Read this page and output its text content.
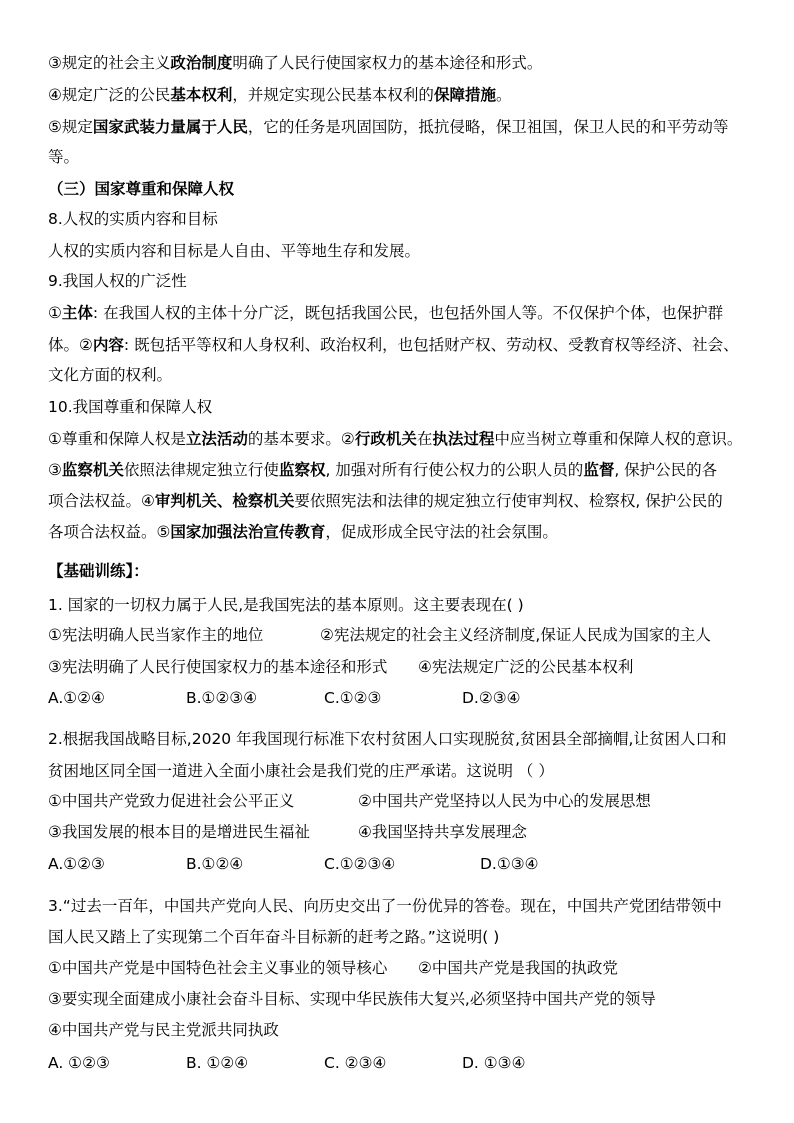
③规定的社会主义政治制度明确了人民行使国家权力的基本途径和形式。
④规定广泛的公民基本权利，并规定实现公民基本权利的保障措施。
⑤规定国家武装力量属于人民，它的任务是巩固国防，抵抗侵略，保卫祖国，保卫人民的和平劳动等
等。
（三）国家尊重和保障人权
8.人权的实质内容和目标
人权的实质内容和目标是人自由、平等地生存和发展。
9.我国人权的广泛性
①主体: 在我国人权的主体十分广泛，既包括我国公民，也包括外国人等。不仅保护个体，也保护群
体。②内容: 既包括平等权和人身权利、政治权利，也包括财产权、劳动权、受教育权等经济、社会、
文化方面的权利。
10.我国尊重和保障人权
①尊重和保障人权是立法活动的基本要求。②行政机关在执法过程中应当树立尊重和保障人权的意识。
③监察机关依照法律规定独立行使监察权, 加强对所有行使公权力的公职人员的监督, 保护公民的各
项合法权益。④审判机关、检察机关要依照宪法和法律的规定独立行使审判权、检察权, 保护公民的
各项合法权益。⑤国家加强法治宣传教育，促成形成全民守法的社会氛围。
【基础训练】：
1. 国家的一切权力属于人民,是我国宪法的基本原则。这主要表现在( )
①宪法明确人民当家作主的地位	②宪法规定的社会主义经济制度,保证人民成为国家的主人
③宪法明确了人民行使国家权力的基本途径和形式 ④宪法规定广泛的公民基本权利
A.①②④	B.①②③④	C.①②③	D.②③④
2.根据我国战略目标,2020 年我国现行标准下农村贫困人口实现脱贫,贫困县全部摘帽,让贫困人口和
贫困地区同全国一道进入全面小康社会是我们党的庄严承诺。这说明 （ ）
①中国共产党致力促进社会公平正义	②中国共产党坚持以人民为中心的发展思想
③我国发展的根本目的是增进民生福祉	④我国坚持共享发展理念
A.①②③	B.①②④	C.①②③④	D.①③④
3.“过去一百年，中国共产党向人民、向历史交出了一份优异的答卷。现在，中国共产党团结带领中
国人民又踏上了实现第二个百年奋斗目标新的赶考之路。”这说明( )
①中国共产党是中国特色社会主义事业的领导核心 ②中国共产党是我国的执政党
③要实现全面建成小康社会奋斗目标、实现中华民族伟大复兴,必须坚持中国共产党的领导
④中国共产党与民主党派共同执政
A. ①②③	B. ①②④	C. ②③④	D. ①③④
